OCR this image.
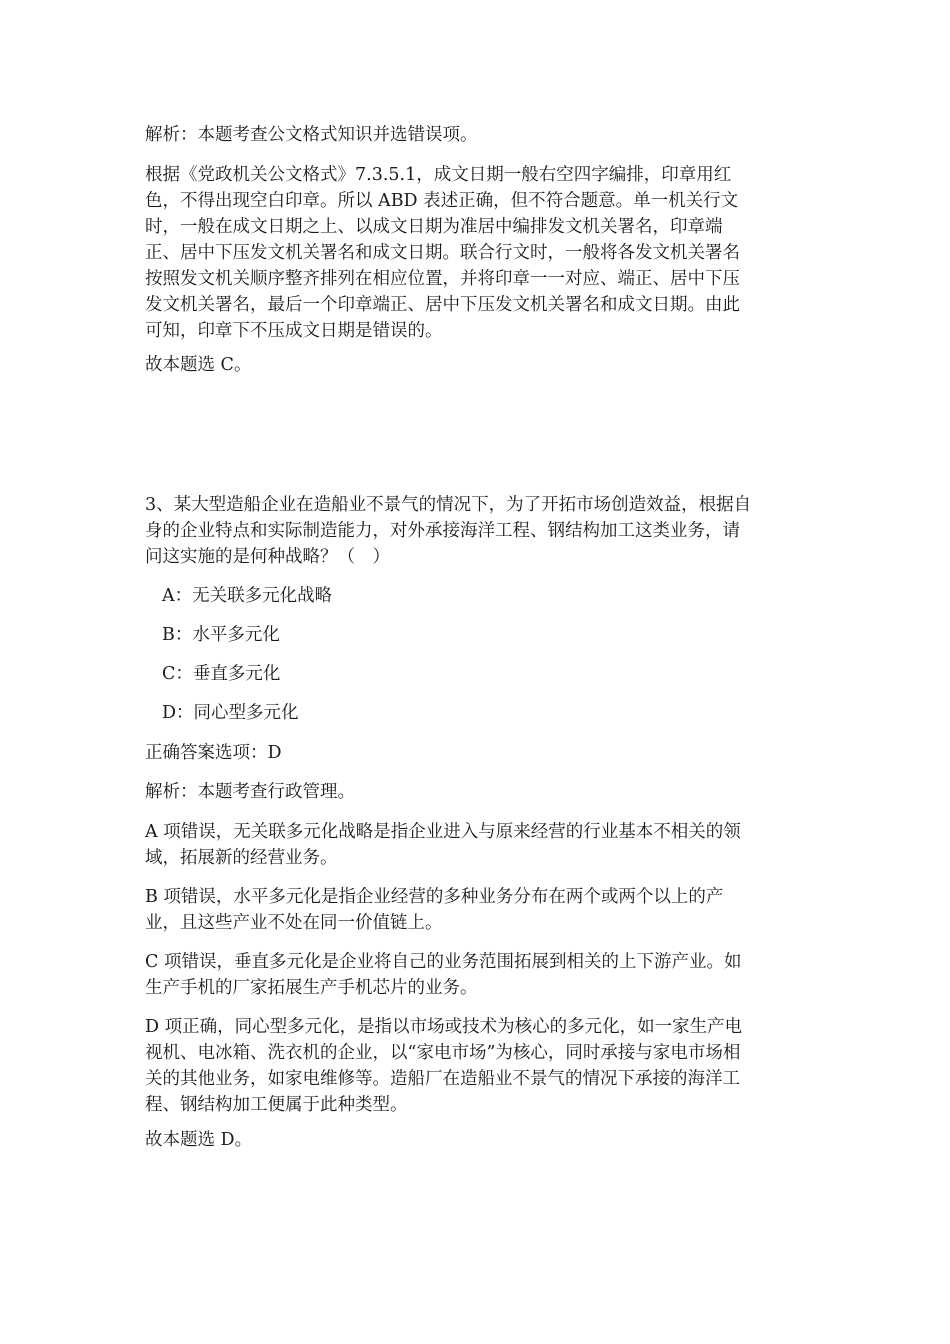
解析：本题考查公文格式知识并选错误项。

根据《党政机关公文格式》7.3.5.1，成文日期一般右空四字编排，印章用红
色，不得出现空白印章。所以 ABD 表述正确，但不符合题意。单一机关行文
时，一般在成文日期之上、以成文日期为准居中编排发文机关署名，印章端
正、居中下压发文机关署名和成文日期。联合行文时，一般将各发文机关署名
按照发文机关顺序整齐排列在相应位置，并将印章一一对应、端正、居中下压
发文机关署名，最后一个印章端正、居中下压发文机关署名和成文日期。由此
可知，印章下不压成文日期是错误的。

故本题选 C。

3、某大型造船企业在造船业不景气的情况下，为了开拓市场创造效益，根据自
身的企业特点和实际制造能力，对外承接海洋工程、钢结构加工这类业务，请
问这实施的是何种战略？（　）

A：无关联多元化战略

B：水平多元化

C：垂直多元化

D：同心型多元化

正确答案选项：D

解析：本题考查行政管理。

A 项错误，无关联多元化战略是指企业进入与原来经营的行业基本不相关的领
域，拓展新的经营业务。
B 项错误，水平多元化是指企业经营的多种业务分布在两个或两个以上的产
业，且这些产业不处在同一价值链上。
C 项错误，垂直多元化是企业将自己的业务范围拓展到相关的上下游产业。如
生产手机的厂家拓展生产手机芯片的业务。
D 项正确，同心型多元化，是指以市场或技术为核心的多元化，如一家生产电
视机、电冰箱、洗衣机的企业，以“家电市场”为核心，同时承接与家电市场相
关的其他业务，如家电维修等。造船厂在造船业不景气的情况下承接的海洋工
程、钢结构加工便属于此种类型。

故本题选 D。
